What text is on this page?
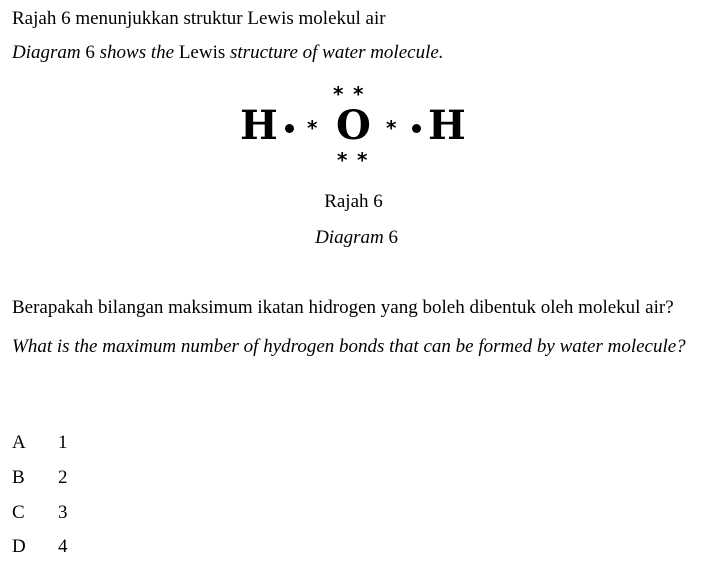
Rajah 6 menunjukkan struktur Lewis molekul air
Diagram 6 shows the Lewis structure of water molecule.
H *
* *
O
* *
* H
Rajah 6
Diagram 6
Berapakah bilangan maksimum ikatan hidrogen yang boleh dibentuk oleh molekul air?
What is the maximum number of hydrogen bonds that can be formed by water molecule?
A 1
B 2
C 3
D 4
